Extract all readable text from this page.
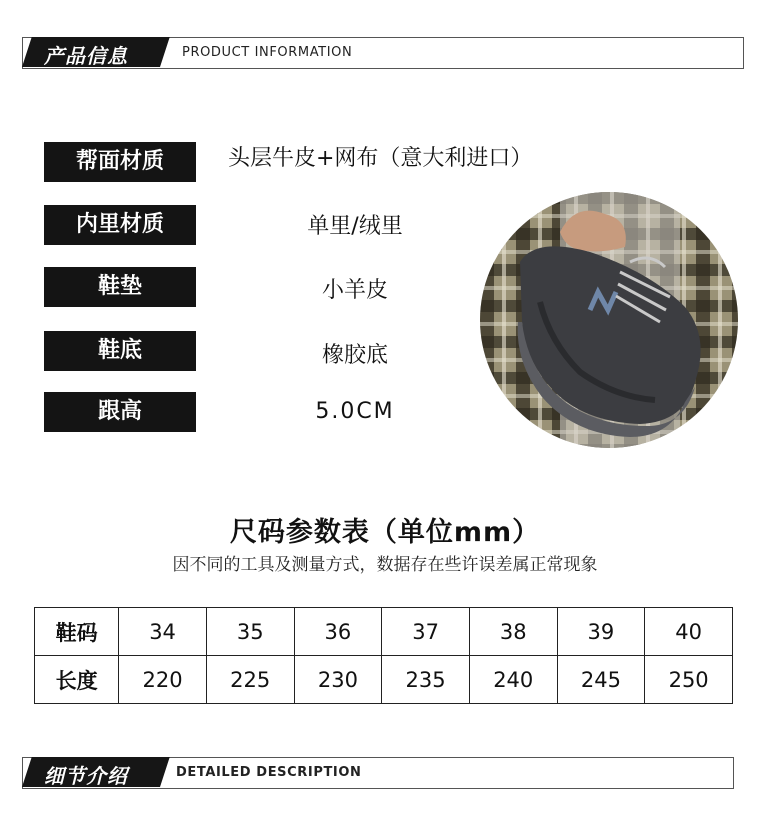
产品信息	PRODUCT INFORMATION
帮面材质	头层牛皮+网布（意大利进口）
内里材质	单里/绒里
鞋垫	小羊皮
鞋底	橡胶底
跟高	5.0CM
尺码参数表（单位mm）
因不同的工具及测量方式，数据存在些许误差属正常现象
鞋码	34	35	36	37	38	39	40
长度	220	225	230	235	240	245	250
细节介绍	DETAILED DESCRIPTION
